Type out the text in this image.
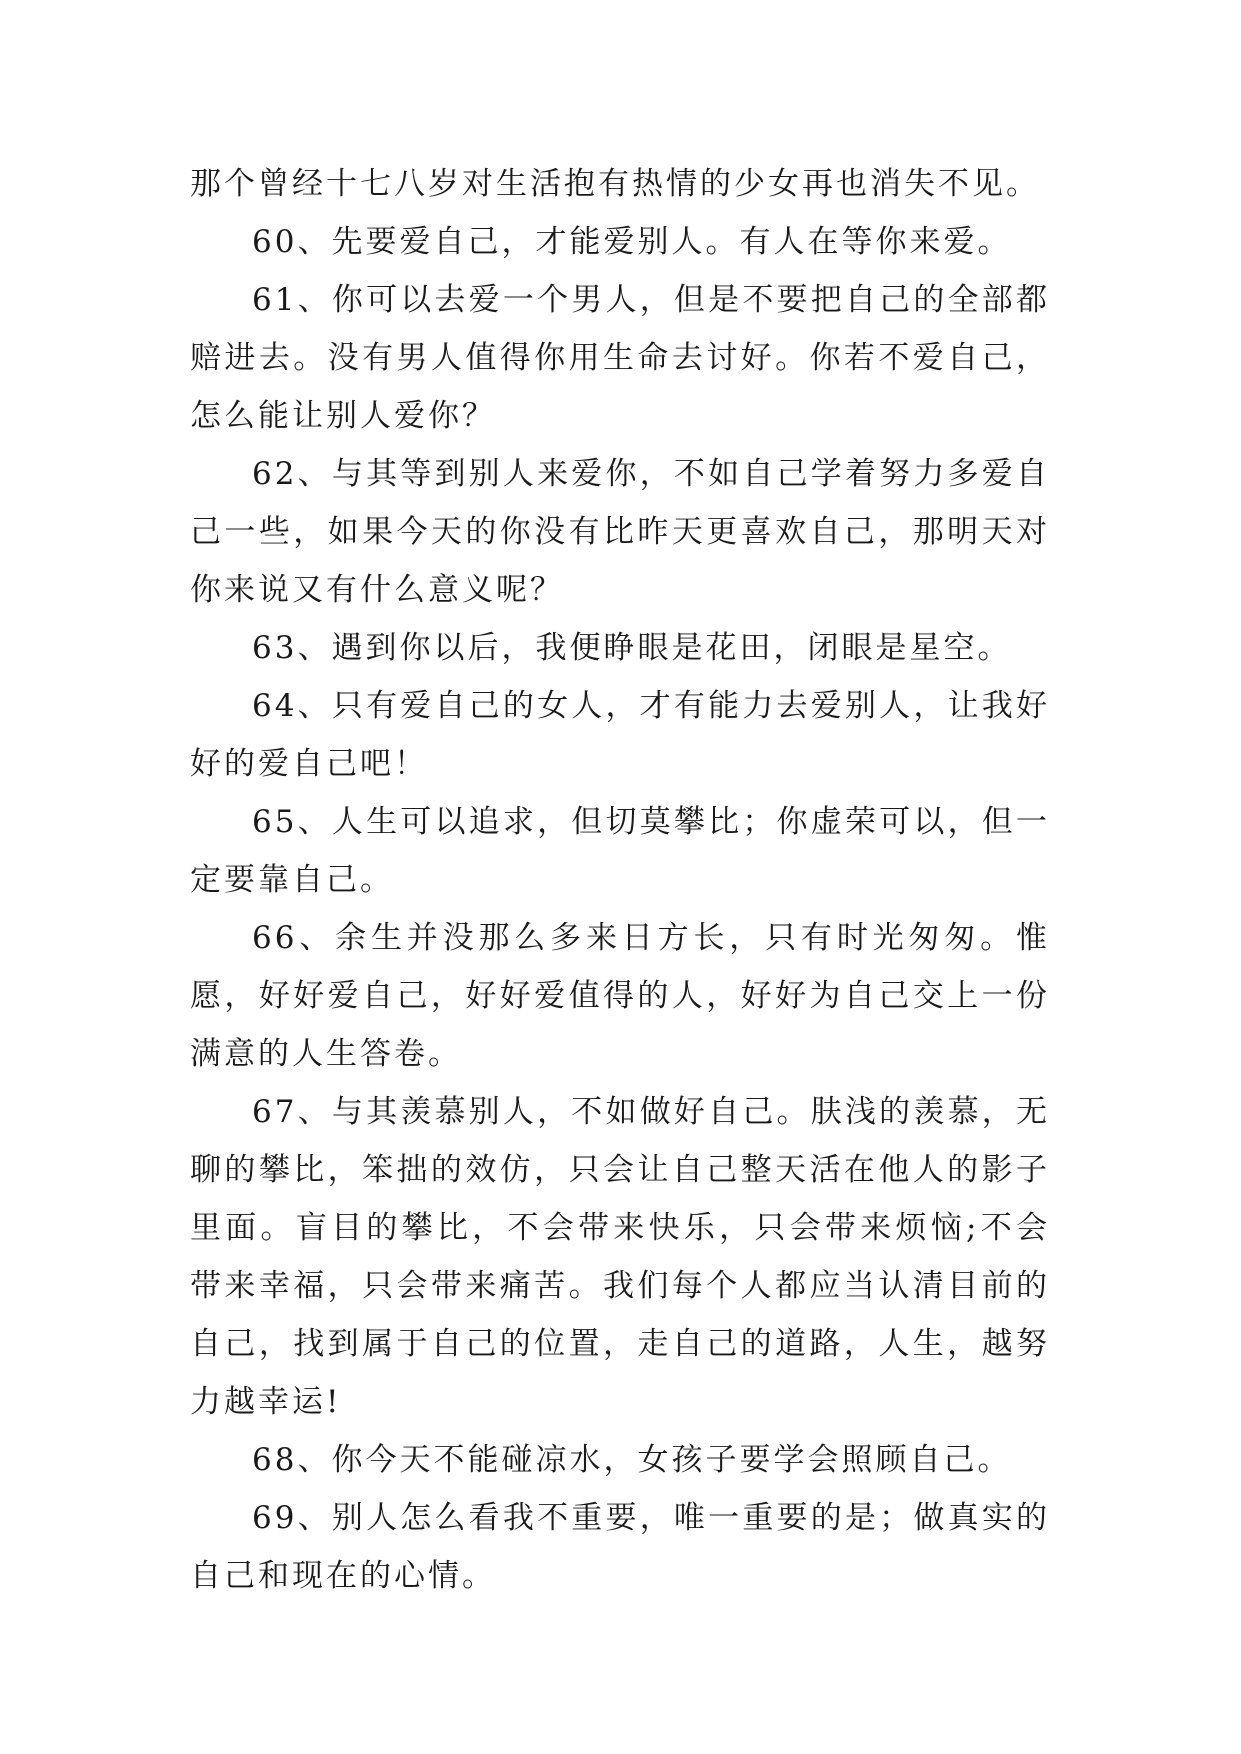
那个曾经十七八岁对生活抱有热情的少女再也消失不见。

60、先要爱自己，才能爱别人。有人在等你来爱。

61、你可以去爱一个男人，但是不要把自己的全部都赔进去。没有男人值得你用生命去讨好。你若不爱自己，怎么能让别人爱你？

62、与其等到别人来爱你，不如自己学着努力多爱自己一些，如果今天的你没有比昨天更喜欢自己，那明天对你来说又有什么意义呢？

63、遇到你以后，我便睁眼是花田，闭眼是星空。

64、只有爱自己的女人，才有能力去爱别人，让我好好的爱自己吧！

65、人生可以追求，但切莫攀比；你虚荣可以，但一定要靠自己。

66、余生并没那么多来日方长，只有时光匆匆。惟愿，好好爱自己，好好爱值得的人，好好为自己交上一份满意的人生答卷。

67、与其羡慕别人，不如做好自己。肤浅的羡慕，无聊的攀比，笨拙的效仿，只会让自己整天活在他人的影子里面。盲目的攀比，不会带来快乐，只会带来烦恼;不会带来幸福，只会带来痛苦。我们每个人都应当认清目前的自己，找到属于自己的位置，走自己的道路，人生，越努力越幸运!

68、你今天不能碰凉水，女孩子要学会照顾自己。

69、别人怎么看我不重要，唯一重要的是；做真实的自己和现在的心情。
